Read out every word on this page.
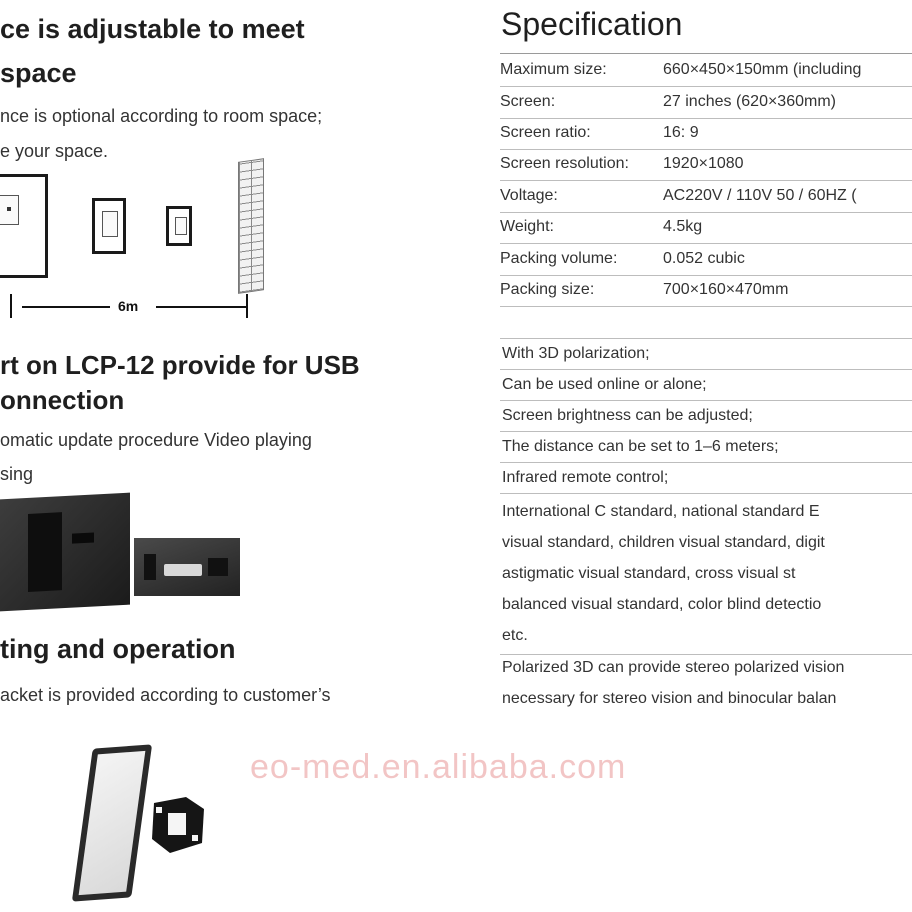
ce is adjustable to meet
space
nce is optional according to room space;
e your space.
6m
rt on LCP-12 provide for USB
onnection
omatic update procedure Video playing
sing
ting and operation
acket is provided according to customer’s
Specification
Maximum size:	660×450×150mm (including
Screen:	27 inches (620×360mm)
Screen ratio:	16: 9
Screen resolution: 1920×1080
Voltage:	AC220V / 110V 50 / 60HZ (
Weight:	4.5kg
Packing volume:	0.052 cubic
Packing size:	700×160×470mm
With 3D polarization;
Can be used online or alone;
Screen brightness can be adjusted;
The distance can be set to 1–6 meters;
Infrared remote control;
International C standard, national standard E
visual standard, children visual standard, digit
astigmatic visual standard, cross visual st
balanced visual standard, color blind detectio
etc.
Polarized 3D can provide stereo polarized vision
necessary for stereo vision and binocular balan
eo-med.en.alibaba.com
